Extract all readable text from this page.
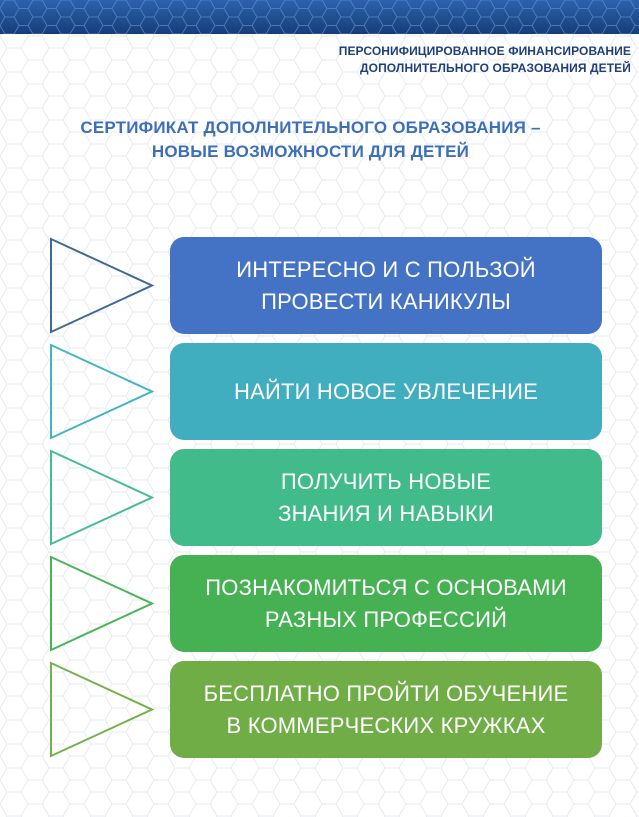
ПЕРСОНИФИЦИРОВАННОЕ ФИНАНСИРОВАНИЕ
ДОПОЛНИТЕЛЬНОГО ОБРАЗОВАНИЯ ДЕТЕЙ
СЕРТИФИКАТ ДОПОЛНИТЕЛЬНОГО ОБРАЗОВАНИЯ –
НОВЫЕ ВОЗМОЖНОСТИ ДЛЯ ДЕТЕЙ
ИНТЕРЕСНО И С ПОЛЬЗОЙ
ПРОВЕСТИ КАНИКУЛЫ
НАЙТИ НОВОЕ УВЛЕЧЕНИЕ
ПОЛУЧИТЬ НОВЫЕ
ЗНАНИЯ И НАВЫКИ
ПОЗНАКОМИТЬСЯ С ОСНОВАМИ
РАЗНЫХ ПРОФЕССИЙ
БЕСПЛАТНО ПРОЙТИ ОБУЧЕНИЕ
В КОММЕРЧЕСКИХ КРУЖКАХ
